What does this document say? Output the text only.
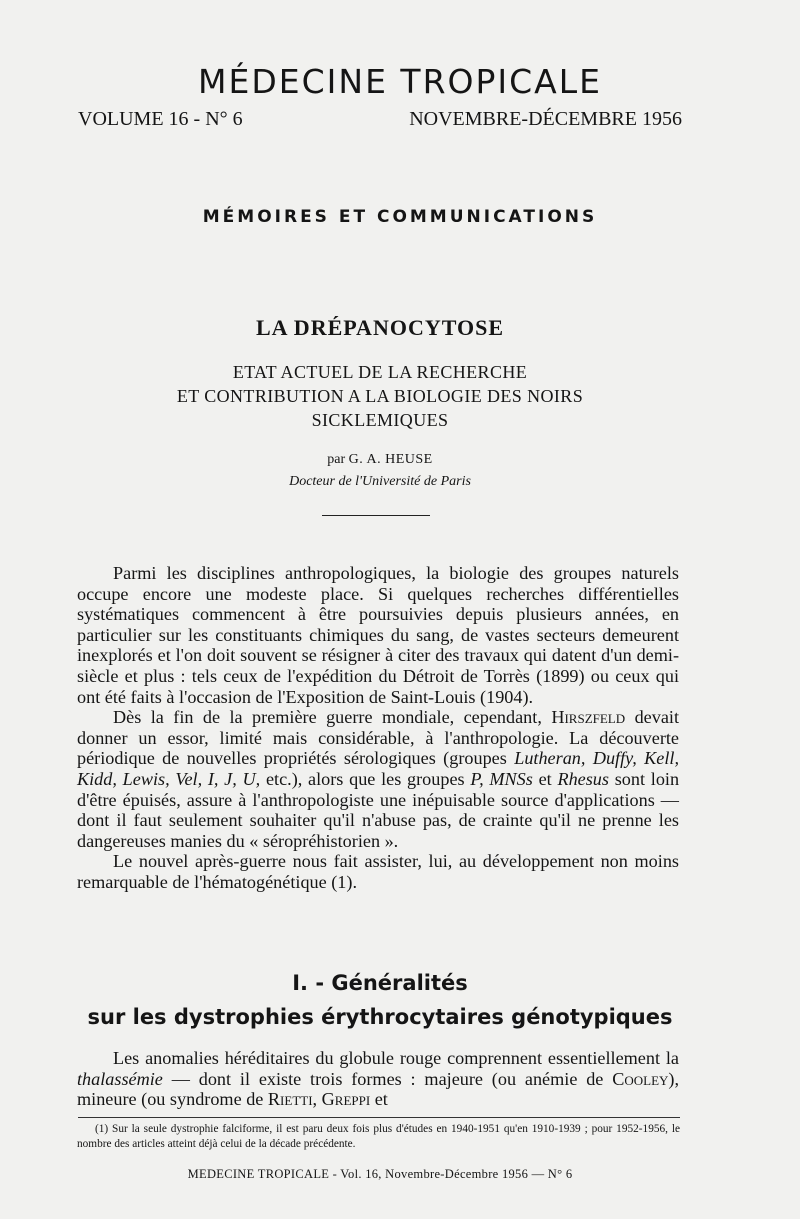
MÉDECINE TROPICALE
VOLUME 16 - N° 6	NOVEMBRE-DÉCEMBRE 1956
MÉMOIRES ET COMMUNICATIONS
LA DRÉPANOCYTOSE
ETAT ACTUEL DE LA RECHERCHE
ET CONTRIBUTION A LA BIOLOGIE DES NOIRS
SICKLEMIQUES
par G. A. HEUSE
Docteur de l'Université de Paris

Parmi les disciplines anthropologiques, la biologie des groupes naturels occupe encore une modeste place. Si quelques recherches différentielles systématiques commencent à être poursuivies depuis plusieurs années, en particulier sur les constituants chimiques du sang, de vastes secteurs demeurent inexplorés et l'on doit souvent se résigner à citer des travaux qui datent d'un demi-siècle et plus : tels ceux de l'expédition du Détroit de Torrès (1899) ou ceux qui ont été faits à l'occasion de l'Exposition de Saint-Louis (1904).

Dès la fin de la première guerre mondiale, cependant, Hirszfeld devait donner un essor, limité mais considérable, à l'anthropologie. La découverte périodique de nouvelles propriétés sérologiques (groupes Lutheran, Duffy, Kell, Kidd, Lewis, Vel, I, J, U, etc.), alors que les groupes P, MNSs et Rhesus sont loin d'être épuisés, assure à l'anthropologiste une inépuisable source d'applications — dont il faut seulement souhaiter qu'il n'abuse pas, de crainte qu'il ne prenne les dangereuses manies du « séropréhistorien ».

Le nouvel après-guerre nous fait assister, lui, au développement non moins remarquable de l'hématogénétique (1).

I. - Généralités
sur les dystrophies érythrocytaires génotypiques

Les anomalies héréditaires du globule rouge comprennent essentiellement la thalassémie — dont il existe trois formes : majeure (ou anémie de Cooley), mineure (ou syndrome de Rietti, Greppi et

(1) Sur la seule dystrophie falciforme, il est paru deux fois plus d'études en 1940-1951 qu'en 1910-1939 ; pour 1952-1956, le nombre des articles atteint déjà celui de la décade précédente.

MEDECINE TROPICALE - Vol. 16, Novembre-Décembre 1956 — N° 6
